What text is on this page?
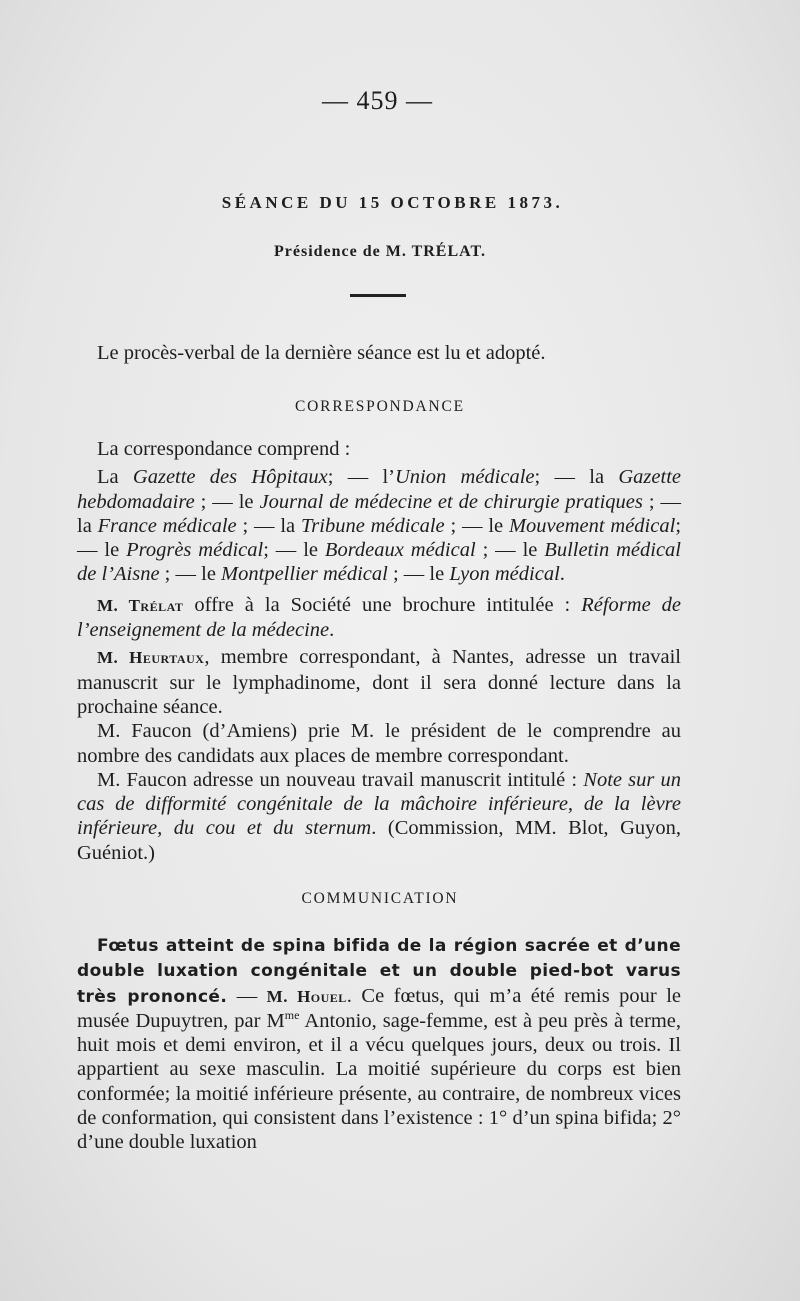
— 459 —
SÉANCE DU 15 OCTOBRE 1873.
Présidence de M. TRÉLAT.

Le procès-verbal de la dernière séance est lu et adopté.

CORRESPONDANCE

La correspondance comprend :

La Gazette des Hôpitaux; — l’Union médicale; — la Gazette hebdomadaire ; — le Journal de médecine et de chirurgie pratiques ; — la France médicale ; — la Tribune médicale ; — le Mouvement médical; — le Progrès médical; — le Bordeaux médical ; — le Bulletin médical de l’Aisne ; — le Montpellier médical ; — le Lyon médical.

M. Trélat offre à la Société une brochure intitulée : Réforme de l’enseignement de la médecine.

M. Heurtaux, membre correspondant, à Nantes, adresse un travail manuscrit sur le lymphadinome, dont il sera donné lecture dans la prochaine séance.

M. Faucon (d’Amiens) prie M. le président de le comprendre au nombre des candidats aux places de membre correspondant.

M. Faucon adresse un nouveau travail manuscrit intitulé : Note sur un cas de difformité congénitale de la mâchoire inférieure, de la lèvre inférieure, du cou et du sternum. (Commission, MM. Blot, Guyon, Guéniot.)

COMMUNICATION

Fœtus atteint de spina bifida de la région sacrée et d’une double luxation congénitale et un double pied-bot varus très prononcé. — M. Houel. Ce fœtus, qui m’a été remis pour le musée Dupuytren, par $M^{me}$ Antonio, sage-femme, est à peu près à terme, huit mois et demi environ, et il a vécu quelques jours, deux ou trois. Il appartient au sexe masculin. La moitié supérieure du corps est bien conformée; la moitié inférieure présente, au contraire, de nombreux vices de conformation, qui consistent dans l’existence : 1° d’un spina bifida; 2° d’une double luxation
